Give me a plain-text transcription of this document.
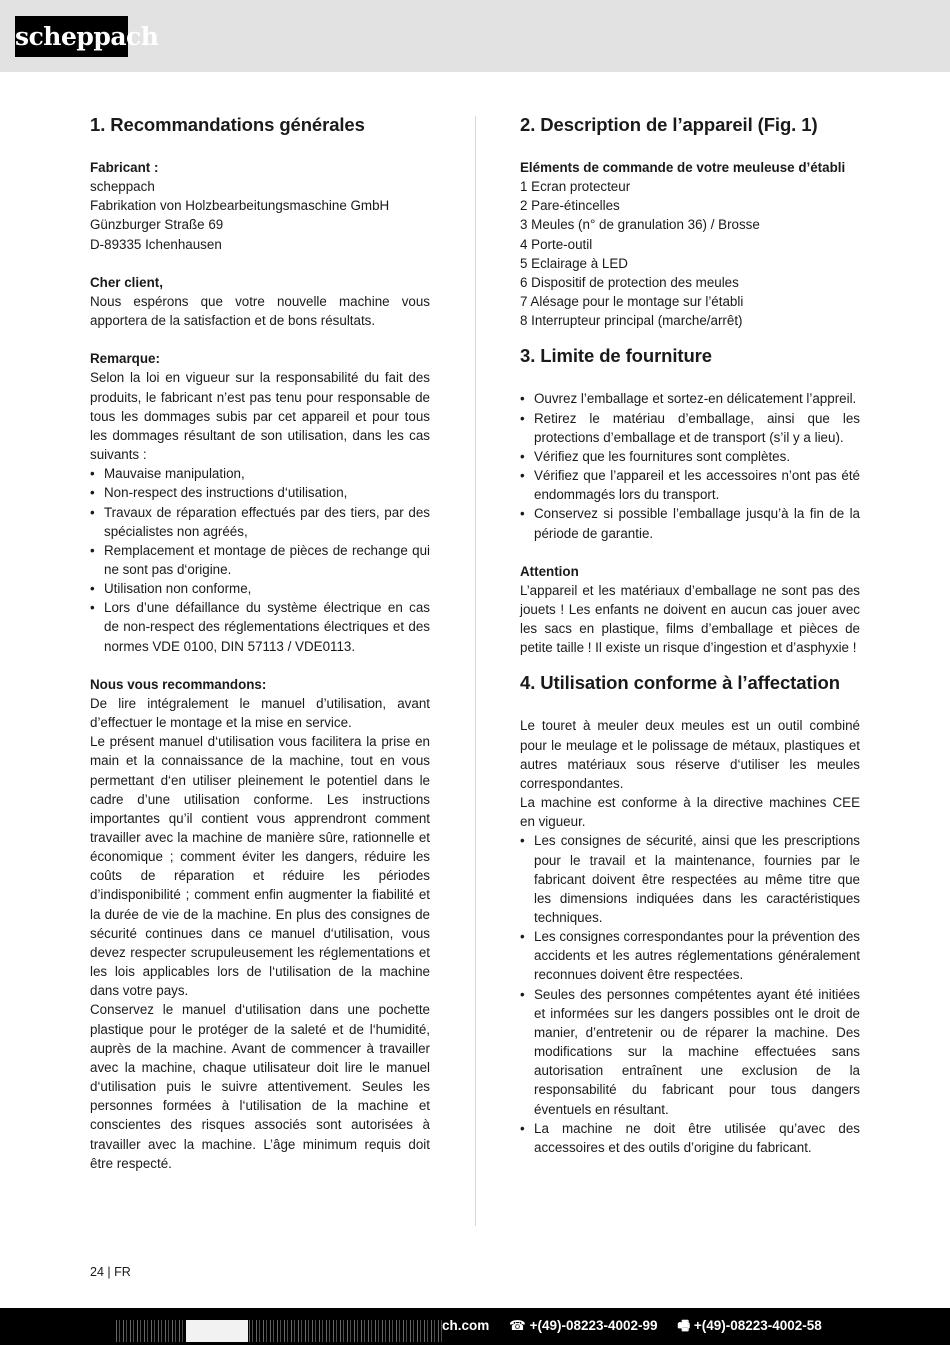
scheppach
1. Recommandations générales

Fabricant :

scheppach

Fabrikation von Holzbearbeitungsmaschine GmbH

Günzburger Straße 69

D-89335 Ichenhausen

Cher client,

Nous espérons que votre nouvelle machine vous apportera de la satisfaction et de bons résultats.

Remarque:

Selon la loi en vigueur sur la responsabilité du fait des produits, le fabricant n’est pas tenu pour responsable de tous les dommages subis par cet appareil et pour tous les dommages résultant de son utilisation, dans les cas suivants :

• Mauvaise manipulation,
• Non-respect des instructions d‘utilisation,
• Travaux de réparation effectués par des tiers, par des spécialistes non agréés,
• Remplacement et montage de pièces de rechange qui ne sont pas d‘origine.
• Utilisation non conforme,
• Lors d’une défaillance du système électrique en cas de non-respect des réglementations électriques et des normes VDE 0100, DIN 57113 / VDE0113.

Nous vous recommandons:

De lire intégralement le manuel d’utilisation, avant d’effectuer le montage et la mise en service.

Le présent manuel d‘utilisation vous facilitera la prise en main et la connaissance de la machine, tout en vous permettant d‘en utiliser pleinement le potentiel dans le cadre d’une utilisation conforme. Les instructions importantes qu’il contient vous apprendront comment travailler avec la machine de manière sûre, rationnelle et économique ; comment éviter les dangers, réduire les coûts de réparation et réduire les périodes d’indisponibilité ; comment enfin augmenter la fiabilité et la durée de vie de la machine. En plus des consignes de sécurité continues dans ce manuel d‘utilisation, vous devez respecter scrupuleusement les réglementations et les lois applicables lors de l‘utilisation de la machine dans votre pays.

Conservez le manuel d‘utilisation dans une pochette plastique pour le protéger de la saleté et de l‘humidité, auprès de la machine. Avant de commencer à travailler avec la machine, chaque utilisateur doit lire le manuel d‘utilisation puis le suivre attentivement. Seules les personnes formées à l‘utilisation de la machine et conscientes des risques associés sont autorisées à travailler avec la machine. L’âge minimum requis doit être respecté.

2. Description de l’appareil (Fig. 1)

Eléments de commande de votre meuleuse d’établi

1 Ecran protecteur
2 Pare-étincelles
3 Meules (n° de granulation 36) / Brosse
4 Porte-outil
5 Eclairage à LED
6 Dispositif de protection des meules
7 Alésage pour le montage sur l’établi
8 Interrupteur principal (marche/arrêt)
3. Limite de fourniture
• Ouvrez l’emballage et sortez-en délicatement l’appreil.
• Retirez le matériau d’emballage, ainsi que les protections d’emballage et de transport (s’il y a lieu).
• Vérifiez que les fournitures sont complètes.
• Vérifiez que l’appareil et les accessoires n’ont pas été endommagés lors du transport.
• Conservez si possible l’emballage jusqu’à la fin de la période de garantie.

Attention

L’appareil et les matériaux d’emballage ne sont pas des jouets ! Les enfants ne doivent en aucun cas jouer avec les sacs en plastique, films d’emballage et pièces de petite taille ! Il existe un risque d’ingestion et d’asphyxie !

4. Utilisation conforme à l’affectation

Le touret à meuler deux meules est un outil combiné pour le meulage et le polissage de métaux, plastiques et autres matériaux sous réserve d‘utiliser les meules correspondantes.

La machine est conforme à la directive machines CEE en vigueur.

• Les consignes de sécurité, ainsi que les prescriptions pour le travail et la maintenance, fournies par le fabricant doivent être respectées au même titre que les dimensions indiquées dans les caractéristiques techniques.
• Les consignes correspondantes pour la prévention des accidents et les autres réglementations généralement reconnues doivent être respectées.
• Seules des personnes compétentes ayant été initiées et informées sur les dangers possibles ont le droit de manier, d’entretenir ou de réparer la machine. Des modifications sur la machine effectuées sans autorisation entraînent une exclusion de la responsabilité du fabricant pour tous dangers éventuels en résultant.
• La machine ne doit être utilisée qu’avec des accessoires et des outils d’origine du fabricant.
24 | FR
ch.com ☎ +(49)-08223-4002-99 🖷 +(49)-08223-4002-58
